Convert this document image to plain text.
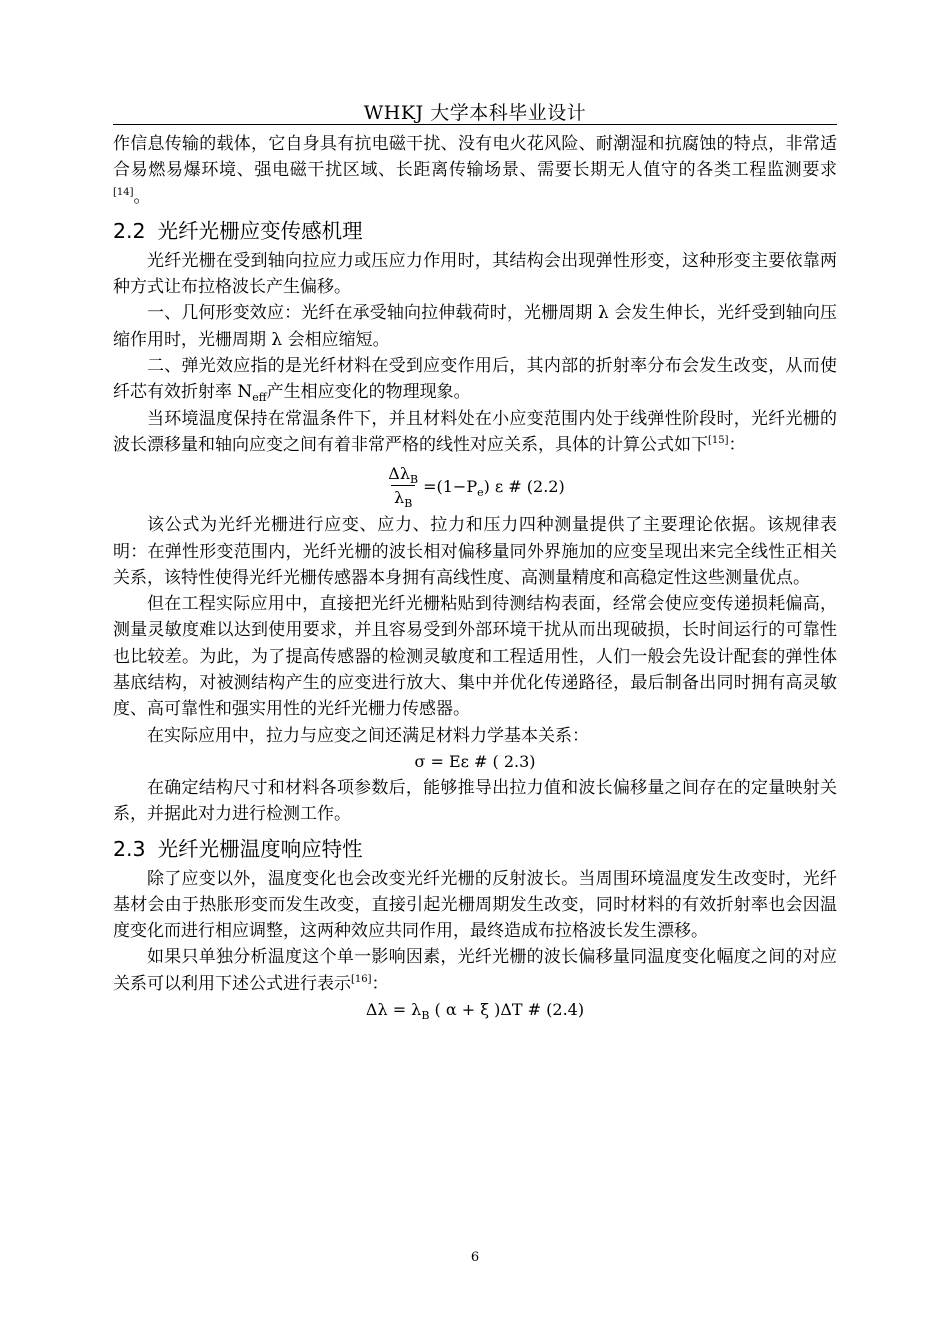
WHKJ 大学本科毕业设计

作信息传输的载体，它自身具有抗电磁干扰、没有电火花风险、耐潮湿和抗腐蚀的特点，非常适合易燃易爆环境、强电磁干扰区域、长距离传输场景、需要长期无人值守的各类工程监测要求[14]。

2.2 光纤光栅应变传感机理

光纤光栅在受到轴向拉应力或压应力作用时，其结构会出现弹性形变，这种形变主要依靠两种方式让布拉格波长产生偏移。

一、几何形变效应：光纤在承受轴向拉伸载荷时，光栅周期 λ 会发生伸长，光纤受到轴向压缩作用时，光栅周期 λ 会相应缩短。

二、弹光效应指的是光纤材料在受到应变作用后，其内部的折射率分布会发生改变，从而使纤芯有效折射率 $N_{eff}$产生相应变化的物理现象。

当环境温度保持在常温条件下，并且材料处在小应变范围内处于线弹性阶段时，光纤光栅的波长漂移量和轴向应变之间有着非常严格的线性对应关系，具体的计算公式如下[15]：

$\frac{\Delta\lambda_B}{\lambda_B} =(1-P_e)$ ε # (2.2)

该公式为光纤光栅进行应变、应力、拉力和压力四种测量提供了主要理论依据。该规律表明：在弹性形变范围内，光纤光栅的波长相对偏移量同外界施加的应变呈现出来完全线性正相关关系，该特性使得光纤光栅传感器本身拥有高线性度、高测量精度和高稳定性这些测量优点。

但在工程实际应用中，直接把光纤光栅粘贴到待测结构表面，经常会使应变传递损耗偏高，测量灵敏度难以达到使用要求，并且容易受到外部环境干扰从而出现破损，长时间运行的可靠性也比较差。为此，为了提高传感器的检测灵敏度和工程适用性，人们一般会先设计配套的弹性体基底结构，对被测结构产生的应变进行放大、集中并优化传递路径，最后制备出同时拥有高灵敏度、高可靠性和强实用性的光纤光栅力传感器。

在实际应用中，拉力与应变之间还满足材料力学基本关系：

σ = Eε # ( 2.3)

在确定结构尺寸和材料各项参数后，能够推导出拉力值和波长偏移量之间存在的定量映射关系，并据此对力进行检测工作。

2.3 光纤光栅温度响应特性

除了应变以外，温度变化也会改变光纤光栅的反射波长。当周围环境温度发生改变时，光纤基材会由于热胀形变而发生改变，直接引起光栅周期发生改变，同时材料的有效折射率也会因温度变化而进行相应调整，这两种效应共同作用，最终造成布拉格波长发生漂移。

如果只单独分析温度这个单一影响因素，光纤光栅的波长偏移量同温度变化幅度之间的对应关系可以利用下述公式进行表示[16]：

$\Delta\lambda = \lambda_B$ ( α + ξ )ΔT # (2.4)
6
